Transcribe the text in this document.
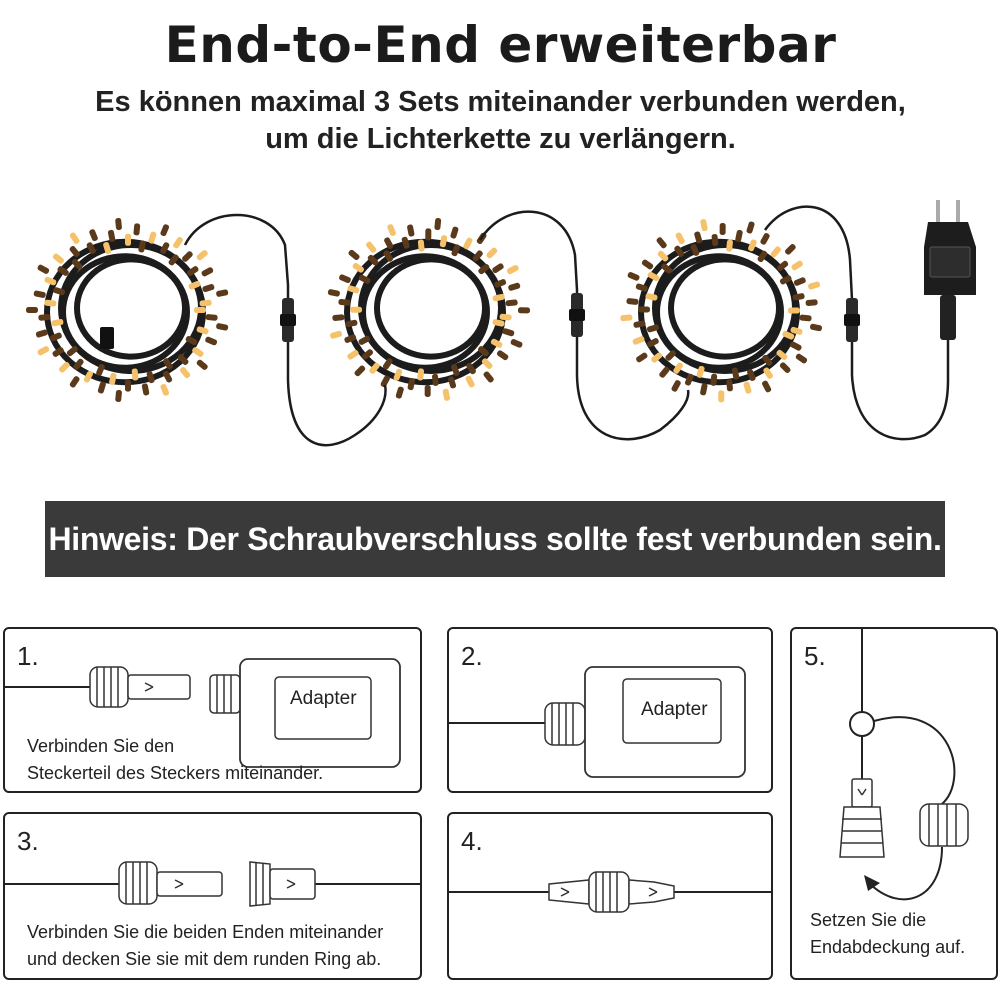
End-to-End erweiterbar
Es können maximal 3 Sets miteinander verbunden werden,
um die Lichterkette zu verlängern.
Hinweis: Der Schraubverschluss sollte fest verbunden sein.
1.
Adapter
Verbinden Sie den
Steckerteil des Steckers miteinander.
2.
Adapter
3.
Verbinden Sie die beiden Enden miteinander
und decken Sie sie mit dem runden Ring ab.
4.
5.
Setzen Sie die
Endabdeckung auf.
